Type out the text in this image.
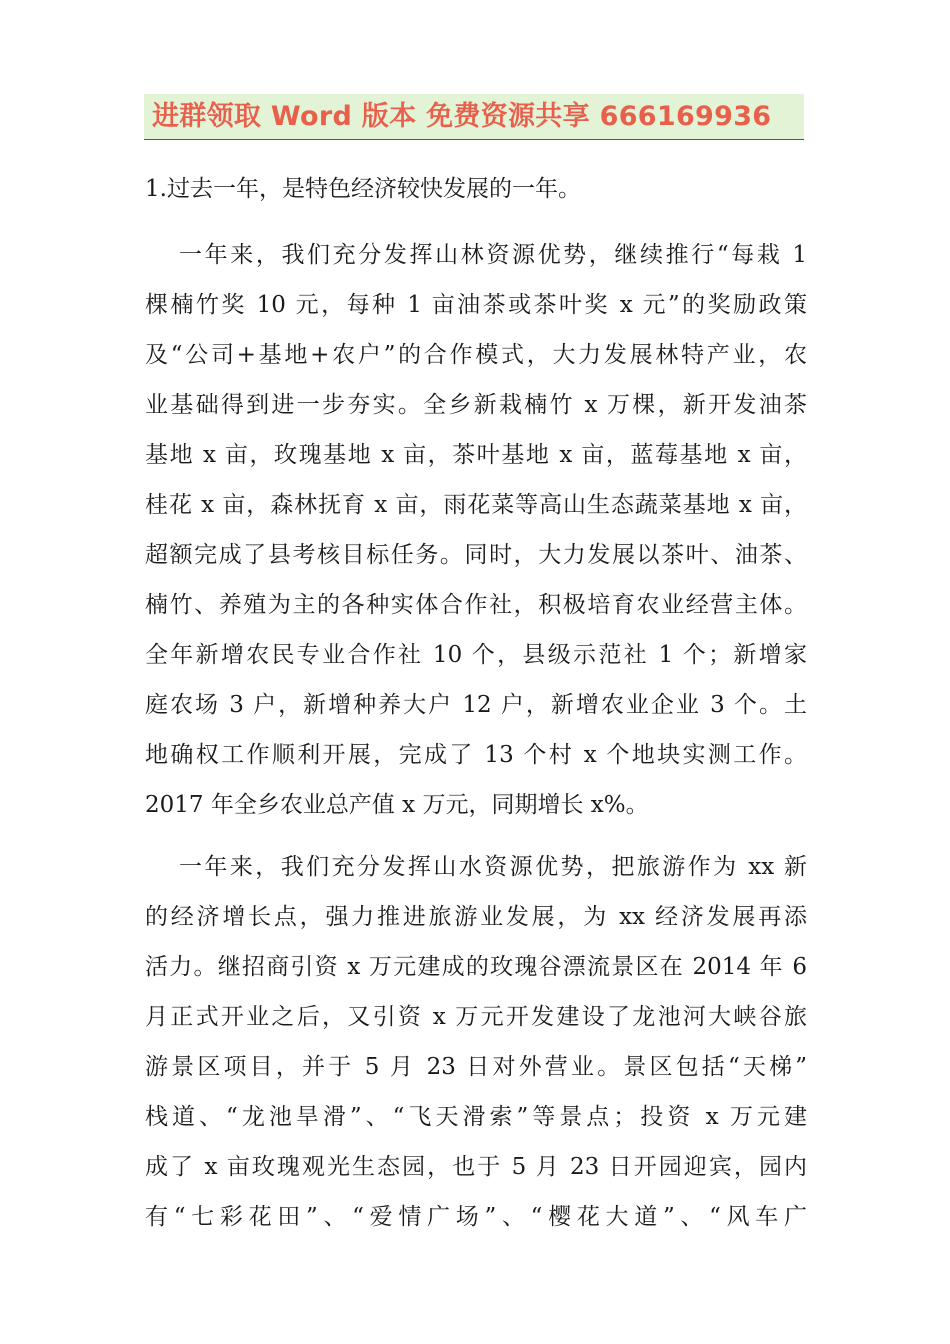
进群领取 Word 版本 免费资源共享 666169936
1.过去一年，是特色经济较快发展的一年。
一年来，我们充分发挥山林资源优势，继续推行“每栽 1
棵楠竹奖 10 元，每种 1 亩油茶或茶叶奖 x 元”的奖励政策
及“公司+基地+农户”的合作模式，大力发展林特产业，农
业基础得到进一步夯实。全乡新栽楠竹 x 万棵，新开发油茶
基地 x 亩，玫瑰基地 x 亩，茶叶基地 x 亩，蓝莓基地 x 亩，
桂花 x 亩，森林抚育 x 亩，雨花菜等高山生态蔬菜基地 x 亩，
超额完成了县考核目标任务。同时，大力发展以茶叶、油茶、
楠竹、养殖为主的各种实体合作社，积极培育农业经营主体。
全年新增农民专业合作社 10 个，县级示范社 1 个；新增家
庭农场 3 户，新增种养大户 12 户，新增农业企业 3 个。土
地确权工作顺利开展，完成了 13 个村 x 个地块实测工作。
2017 年全乡农业总产值 x 万元，同期增长 x%。
一年来，我们充分发挥山水资源优势，把旅游作为 xx 新
的经济增长点，强力推进旅游业发展，为 xx 经济发展再添
活力。继招商引资 x 万元建成的玫瑰谷漂流景区在 2014 年 6
月正式开业之后，又引资 x 万元开发建设了龙池河大峡谷旅
游景区项目，并于 5 月 23 日对外营业。景区包括“天梯”
栈道、“龙池旱滑”、“飞天滑索”等景点；投资 x 万元建
成了 x 亩玫瑰观光生态园，也于 5 月 23 日开园迎宾，园内
有“七彩花田”、“爱情广场”、“樱花大道”、“风车广
